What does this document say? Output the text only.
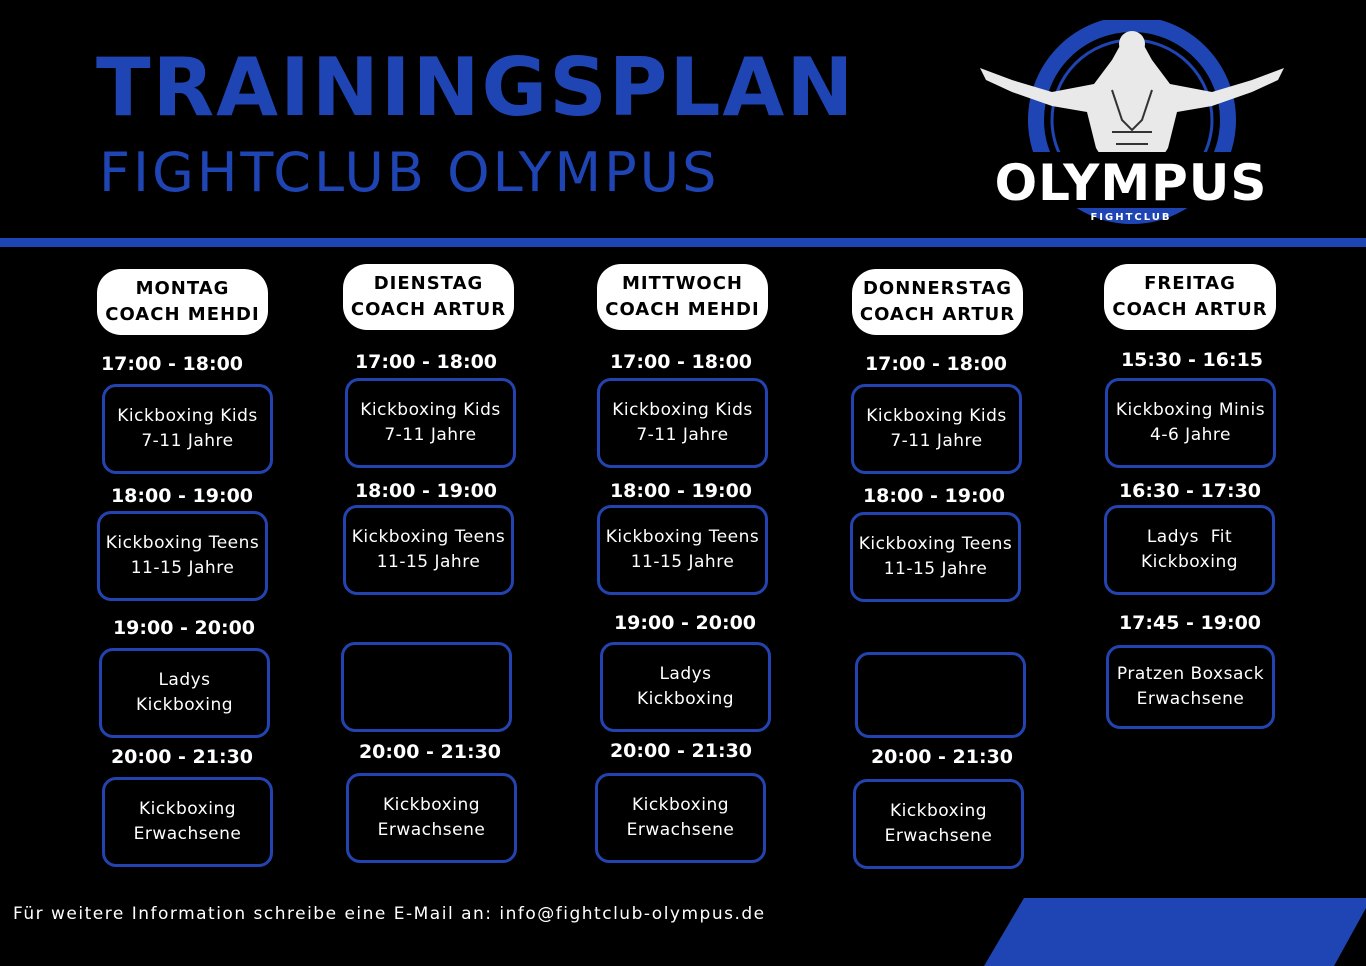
TRAININGSPLAN
FIGHTCLUB OLYMPUS	OLYMPUS
FIGHTCLUB
MONTAG
COACH MEHDI
17:00 - 18:00
Kickboxing Kids
7-11 Jahre
18:00 - 19:00
Kickboxing Teens
11-15 Jahre
19:00 - 20:00
Ladys
Kickboxing
20:00 - 21:30
Kickboxing
Erwachsene
DIENSTAG
COACH ARTUR
17:00 - 18:00
Kickboxing Kids
7-11 Jahre
18:00 - 19:00
Kickboxing Teens
11-15 Jahre
20:00 - 21:30
Kickboxing
Erwachsene
MITTWOCH
COACH MEHDI
17:00 - 18:00
Kickboxing Kids
7-11 Jahre
18:00 - 19:00
Kickboxing Teens
11-15 Jahre
19:00 - 20:00
Ladys
Kickboxing
20:00 - 21:30
Kickboxing
Erwachsene
DONNERSTAG
COACH ARTUR
17:00 - 18:00
Kickboxing Kids
7-11 Jahre
18:00 - 19:00
Kickboxing Teens
11-15 Jahre
20:00 - 21:30
Kickboxing
Erwachsene
FREITAG
COACH ARTUR
15:30 - 16:15
Kickboxing Minis
4-6 Jahre
16:30 - 17:30
Ladys  Fit
Kickboxing
17:45 - 19:00
Pratzen Boxsack
Erwachsene
Für weitere Information schreibe eine E-Mail an: info@fightclub-olympus.de
